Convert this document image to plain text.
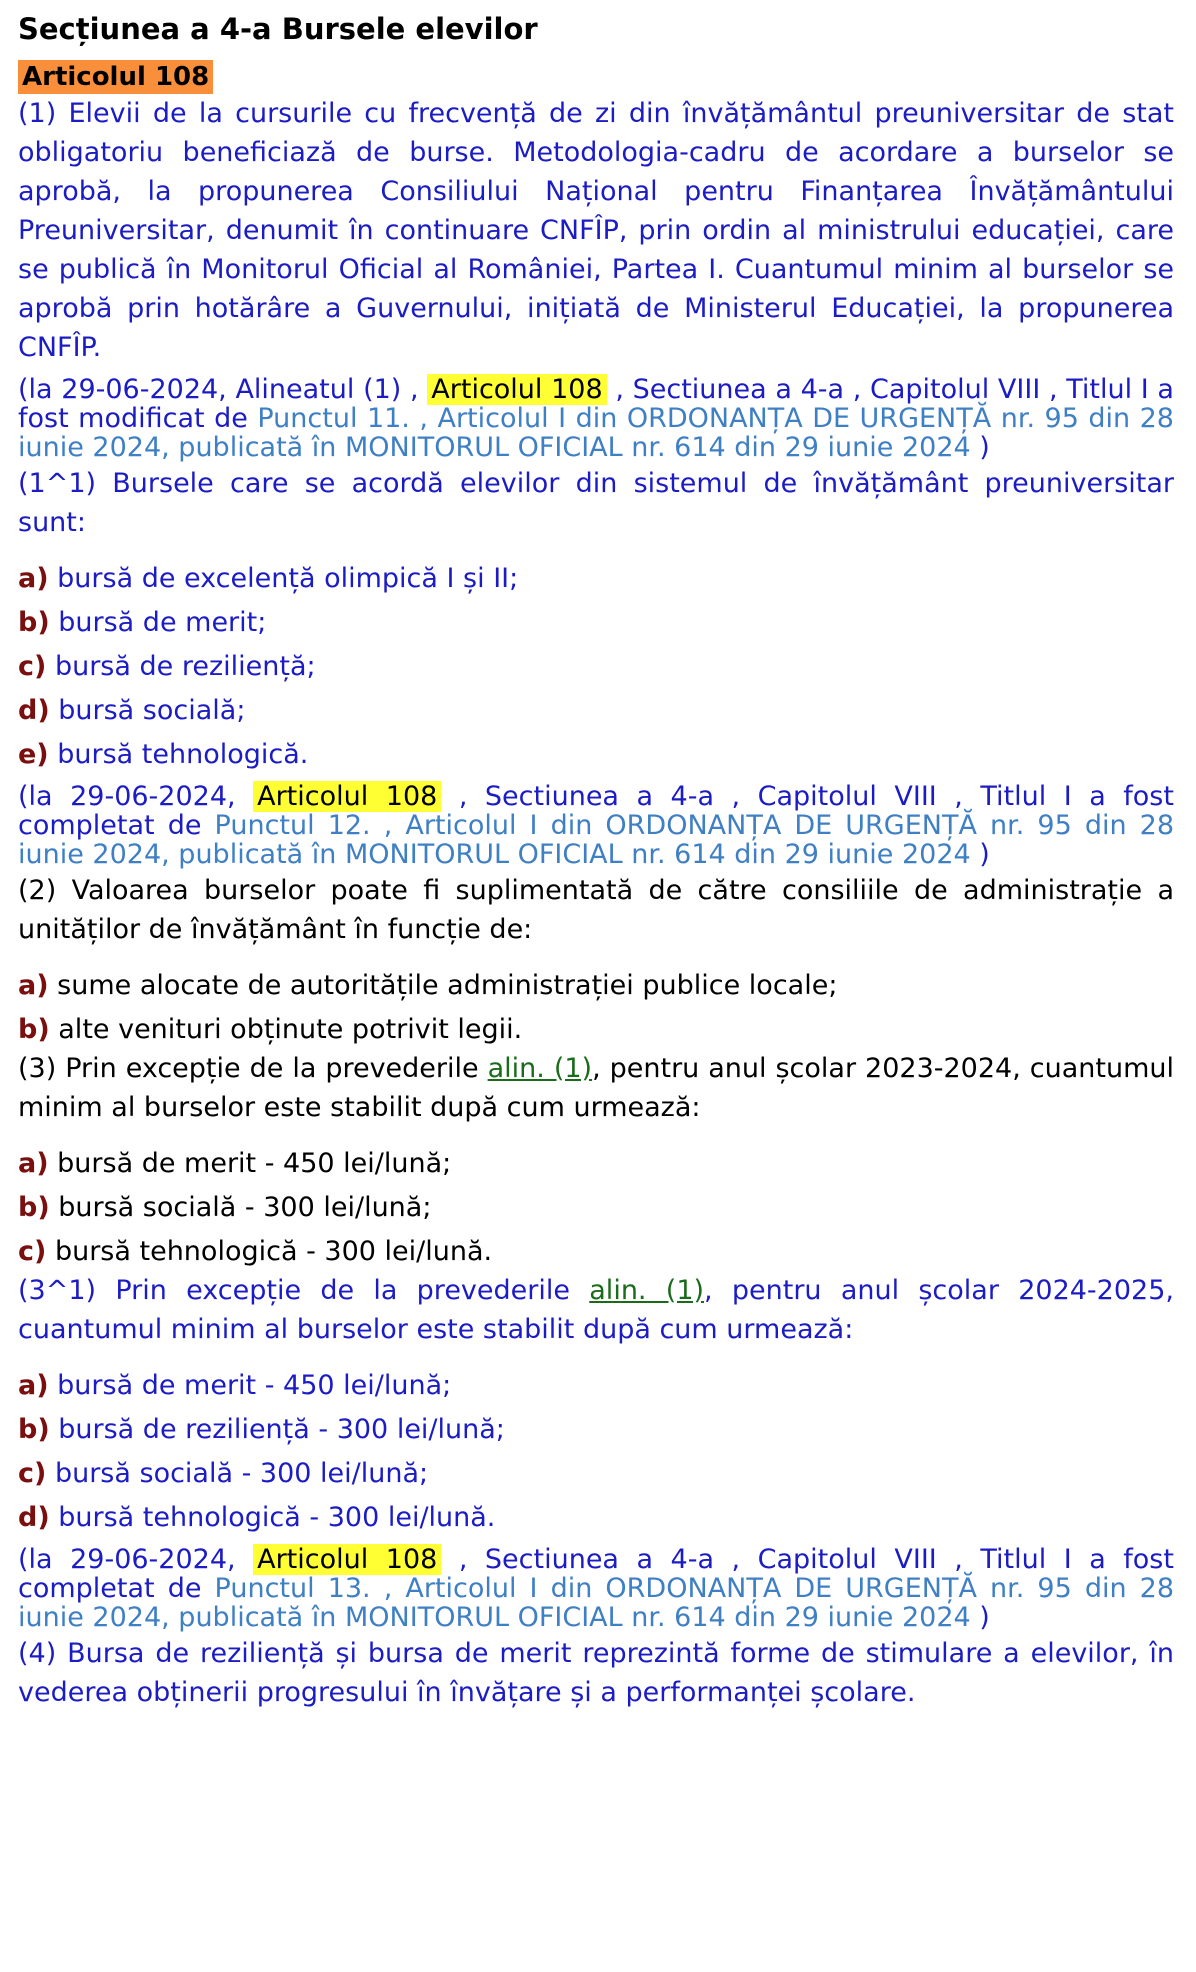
Secțiunea a 4-a Bursele elevilor
Articolul 108

(1) Elevii de la cursurile cu frecvență de zi din învățământul preuniversitar de stat obligatoriu beneficiază de burse. Metodologia-cadru de acordare a burselor se aprobă, la propunerea Consiliului Național pentru Finanțarea Învățământului Preuniversitar, denumit în continuare CNFÎP, prin ordin al ministrului educației, care se publică în Monitorul Oficial al României, Partea I. Cuantumul minim al burselor se aprobă prin hotărâre a Guvernului, inițiată de Ministerul Educației, la propunerea CNFÎP.

(la 29-06-2024, Alineatul (1) , Articolul 108 , Sectiunea a 4-a , Capitolul VIII , Titlul I a fost modificat de Punctul 11. , Articolul I din ORDONANȚA DE URGENȚĂ nr. 95 din 28 iunie 2024, publicată în MONITORUL OFICIAL nr. 614 din 29 iunie 2024 )

(1^1) Bursele care se acordă elevilor din sistemul de învățământ preuniversitar sunt:

a) bursă de excelență olimpică I și II;

b) bursă de merit;

c) bursă de reziliență;

d) bursă socială;

e) bursă tehnologică.

(la 29-06-2024, Articolul 108 , Sectiunea a 4-a , Capitolul VIII , Titlul I a fost completat de Punctul 12. , Articolul I din ORDONANȚA DE URGENȚĂ nr. 95 din 28 iunie 2024, publicată în MONITORUL OFICIAL nr. 614 din 29 iunie 2024 )

(2) Valoarea burselor poate fi suplimentată de către consiliile de administrație a unităților de învățământ în funcție de:

a) sume alocate de autoritățile administrației publice locale;

b) alte venituri obținute potrivit legii.

(3) Prin excepție de la prevederile alin. (1), pentru anul școlar 2023-2024, cuantumul minim al burselor este stabilit după cum urmează:

a) bursă de merit - 450 lei/lună;

b) bursă socială - 300 lei/lună;

c) bursă tehnologică - 300 lei/lună.

(3^1) Prin excepție de la prevederile alin. (1), pentru anul școlar 2024-2025, cuantumul minim al burselor este stabilit după cum urmează:

a) bursă de merit - 450 lei/lună;

b) bursă de reziliență - 300 lei/lună;

c) bursă socială - 300 lei/lună;

d) bursă tehnologică - 300 lei/lună.

(la 29-06-2024, Articolul 108 , Sectiunea a 4-a , Capitolul VIII , Titlul I a fost completat de Punctul 13. , Articolul I din ORDONANȚA DE URGENȚĂ nr. 95 din 28 iunie 2024, publicată în MONITORUL OFICIAL nr. 614 din 29 iunie 2024 )

(4) Bursa de reziliență și bursa de merit reprezintă forme de stimulare a elevilor, în vederea obținerii progresului în învățare și a performanței școlare.
